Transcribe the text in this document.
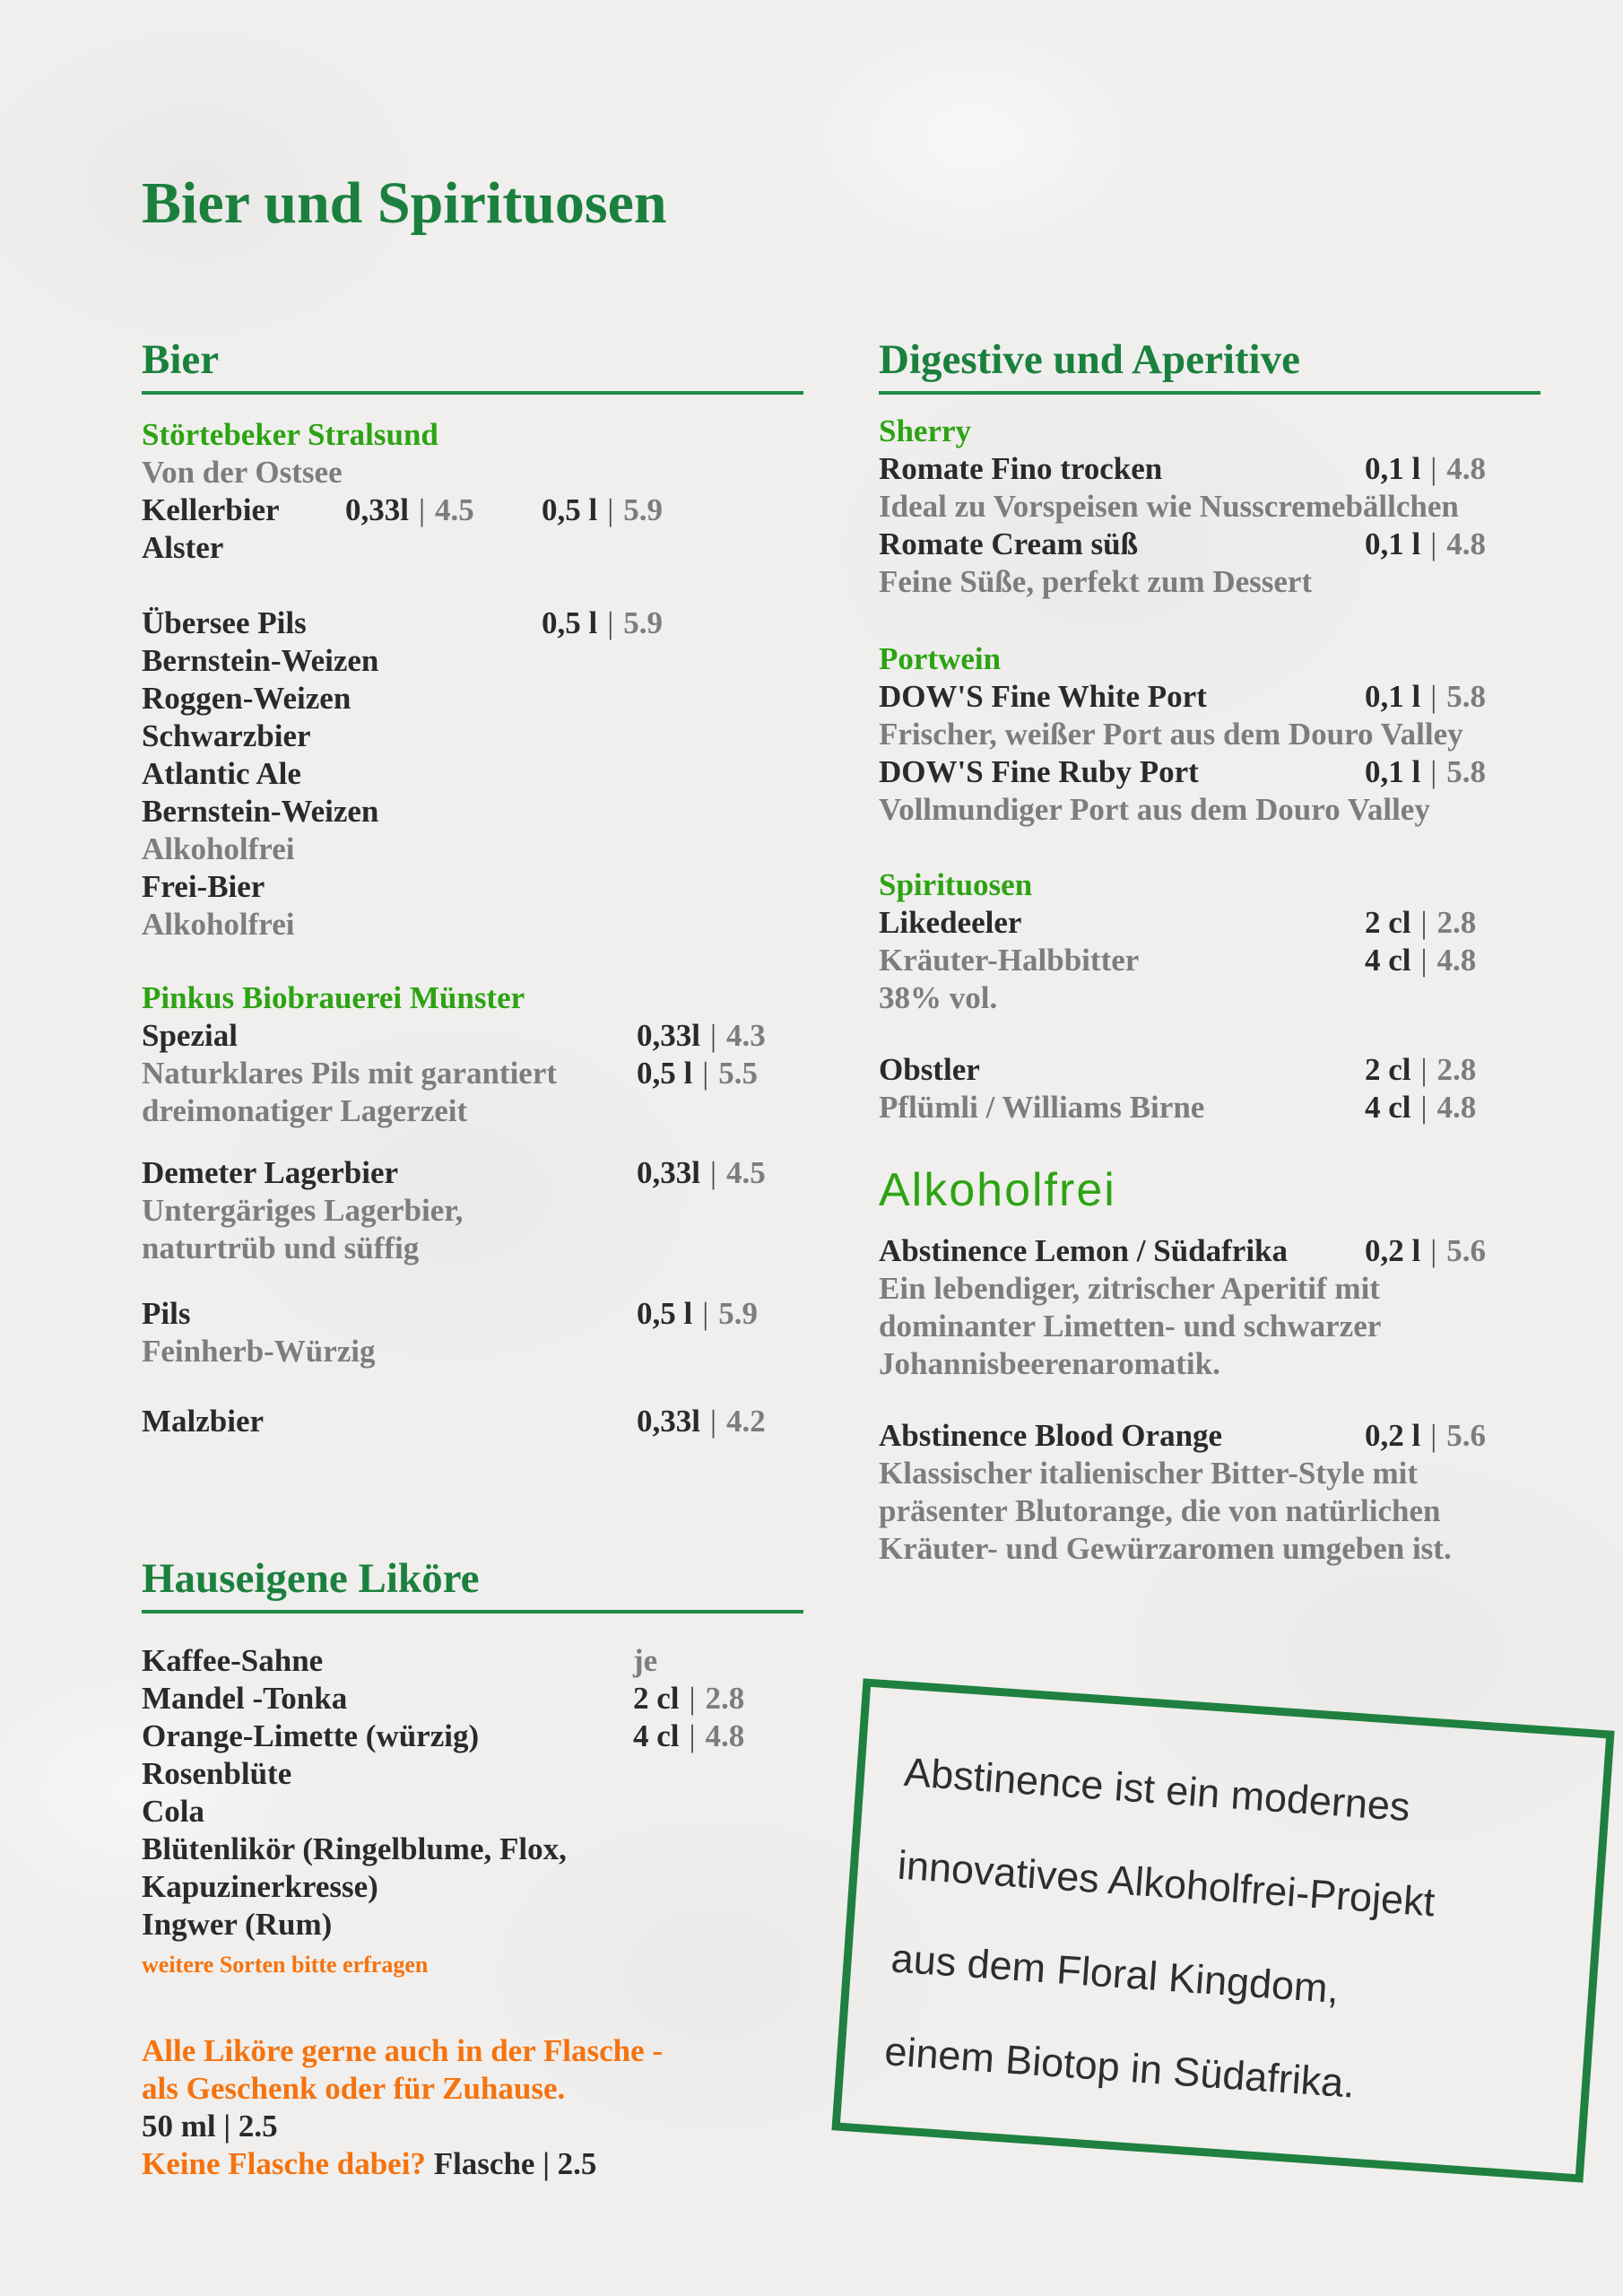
Bier und Spirituosen
Bier
Störtebeker Stralsund
Von der Ostsee
Kellerbier 0,33l | 4.5 0,5 l | 5.9
Alster
Übersee Pils	0,5 l | 5.9
Bernstein-Weizen
Roggen-Weizen
Schwarzbier
Atlantic Ale
Bernstein-Weizen
Alkoholfrei
Frei-Bier
Alkoholfrei
Pinkus Biobrauerei Münster
Spezial	0,33l | 4.3
Naturklares Pils mit garantiert	0,5 l | 5.5
dreimonatiger Lagerzeit
Demeter Lagerbier	0,33l | 4.5
Untergäriges Lagerbier,
naturtrüb und süffig
Pils	0,5 l | 5.9
Feinherb-Würzig
Malzbier	0,33l | 4.2
Hauseigene Liköre
Kaffee-Sahne	je
Mandel -Tonka	2 cl | 2.8
Orange-Limette (würzig)	4 cl | 4.8
Rosenblüte
Cola
Blütenlikör (Ringelblume, Flox,
Kapuzinerkresse)
Ingwer (Rum)
weitere Sorten bitte erfragen
Alle Liköre gerne auch in der Flasche -
als Geschenk oder für Zuhause.
50 ml | 2.5
Keine Flasche dabei? Flasche | 2.5
Digestive und Aperitive
Sherry
Romate Fino trocken	0,1 l | 4.8
Ideal zu Vorspeisen wie Nusscremebällchen
Romate Cream süß	0,1 l | 4.8
Feine Süße, perfekt zum Dessert
Portwein
DOW'S Fine White Port	0,1 l | 5.8
Frischer, weißer Port aus dem Douro Valley
DOW'S Fine Ruby Port	0,1 l | 5.8
Vollmundiger Port aus dem Douro Valley
Spirituosen
Likedeeler	2 cl | 2.8
Kräuter-Halbbitter	4 cl | 4.8
38% vol.
Obstler	2 cl | 2.8
Pflümli / Williams Birne	4 cl | 4.8
Alkoholfrei
Abstinence Lemon / Südafrika 0,2 l | 5.6
Ein lebendiger, zitrischer Aperitif mit
dominanter Limetten- und schwarzer
Johannisbeerenaromatik.
Abstinence Blood Orange	0,2 l | 5.6
Klassischer italienischer Bitter-Style mit
präsenter Blutorange, die von natürlichen
Kräuter- und Gewürzaromen umgeben ist.
Abstinence ist ein modernes
innovatives Alkoholfrei-Projekt
aus dem Floral Kingdom,
einem Biotop in Südafrika.
